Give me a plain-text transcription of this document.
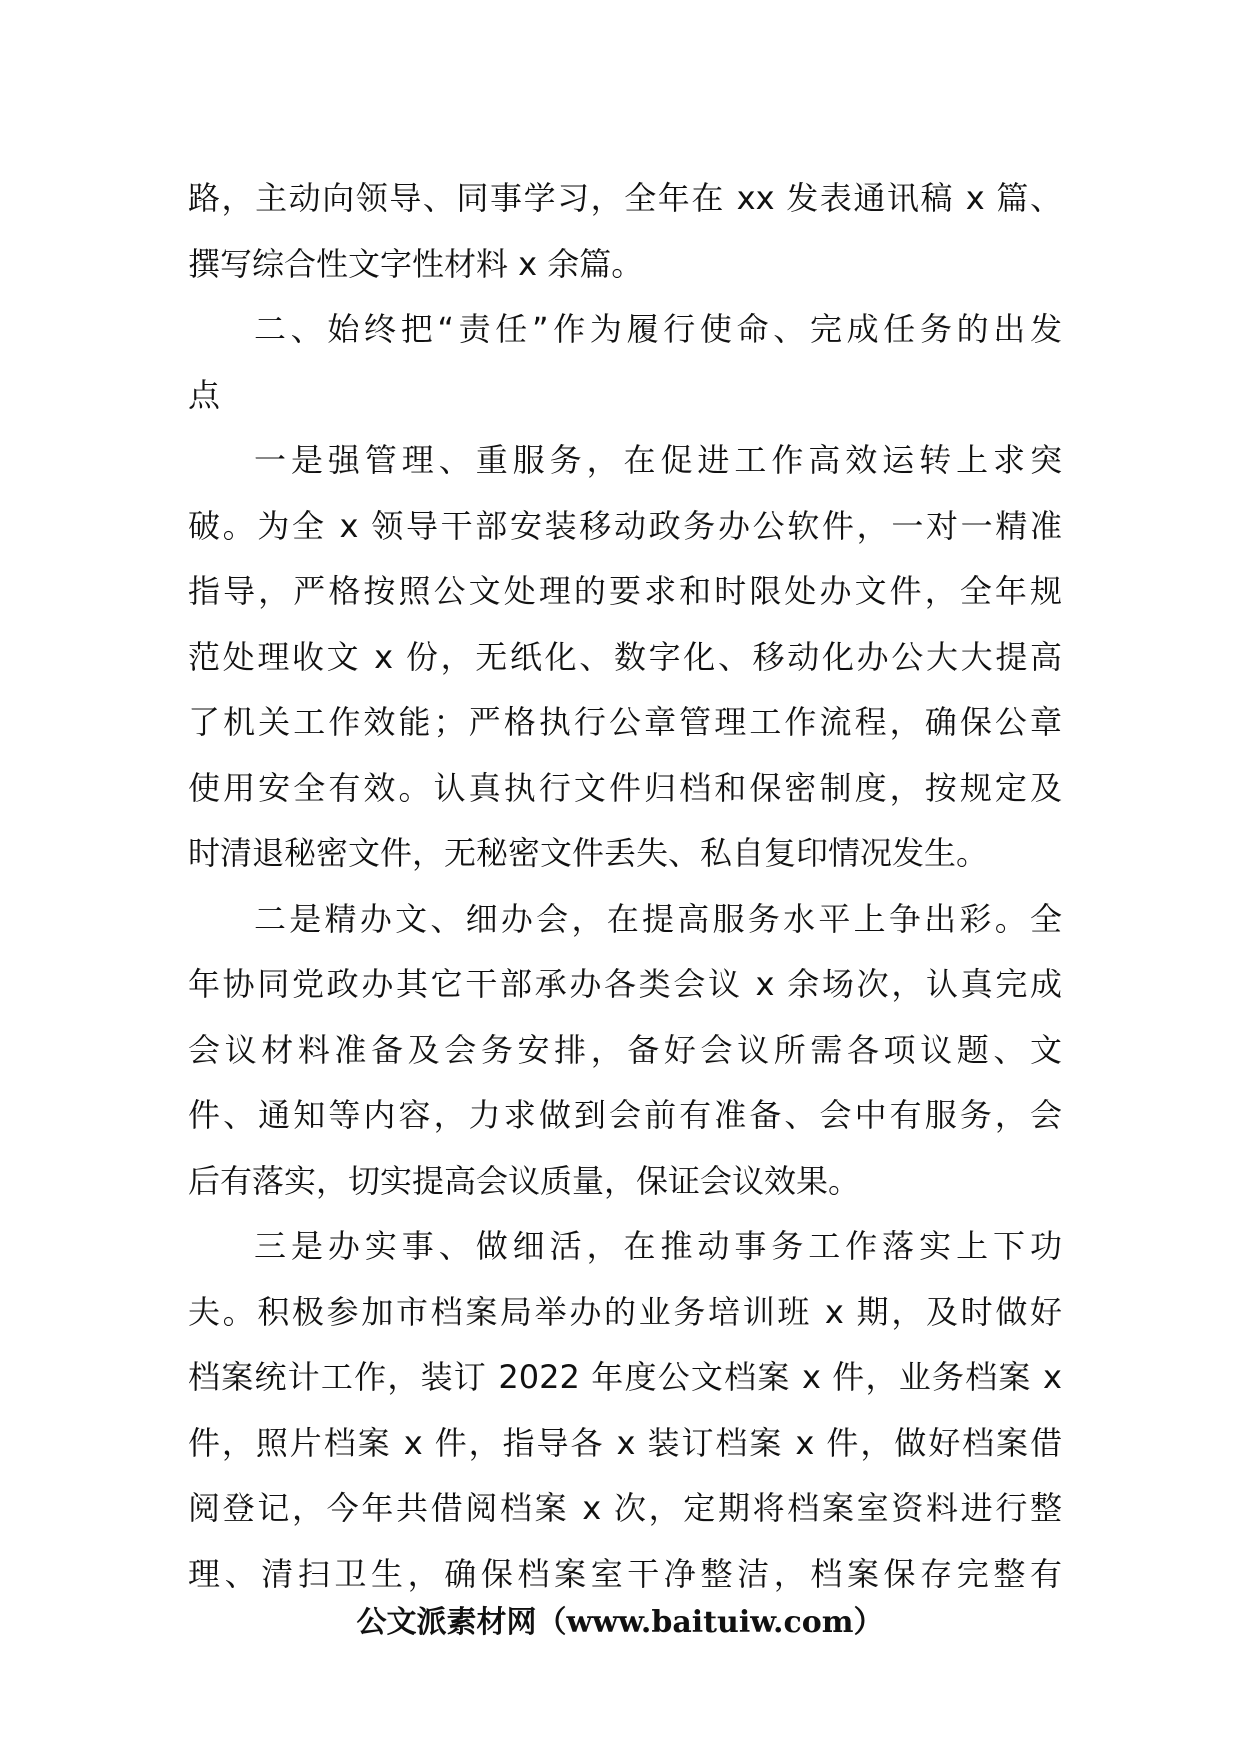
路，主动向领导、同事学习，全年在 xx 发表通讯稿 x 篇、
撰写综合性文字性材料 x 余篇。
二、始终把“责任”作为履行使命、完成任务的出发
点
一是强管理、重服务，在促进工作高效运转上求突
破。为全 x 领导干部安装移动政务办公软件，一对一精准
指导，严格按照公文处理的要求和时限处办文件，全年规
范处理收文 x 份，无纸化、数字化、移动化办公大大提高
了机关工作效能；严格执行公章管理工作流程，确保公章
使用安全有效。认真执行文件归档和保密制度，按规定及
时清退秘密文件，无秘密文件丢失、私自复印情况发生。
二是精办文、细办会，在提高服务水平上争出彩。全
年协同党政办其它干部承办各类会议 x 余场次，认真完成
会议材料准备及会务安排，备好会议所需各项议题、文
件、通知等内容，力求做到会前有准备、会中有服务，会
后有落实，切实提高会议质量，保证会议效果。
三是办实事、做细活，在推动事务工作落实上下功
夫。积极参加市档案局举办的业务培训班 x 期，及时做好
档案统计工作，装订 2022 年度公文档案 x 件，业务档案 x
件，照片档案 x 件，指导各 x 装订档案 x 件，做好档案借
阅登记，今年共借阅档案 x 次，定期将档案室资料进行整
理、清扫卫生，确保档案室干净整洁，档案保存完整有
公文派素材网（www.baituiw.com）
